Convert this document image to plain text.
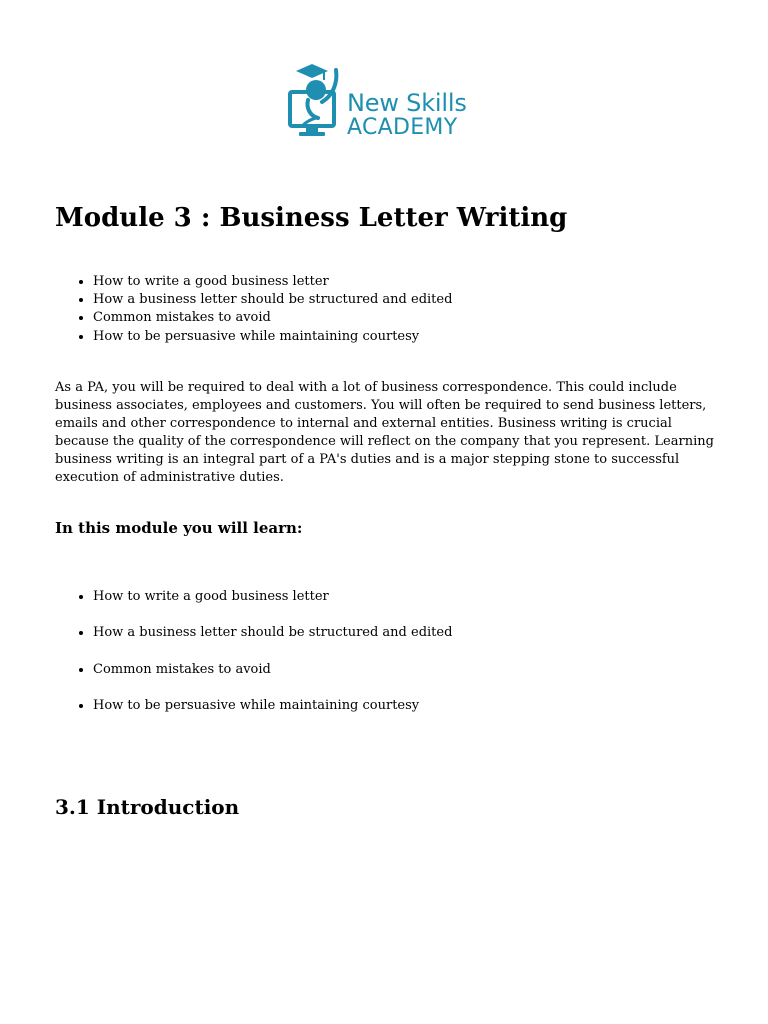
New Skills
ACADEMY
Module 3 : Business Letter Writing
• How to write a good business letter
• How a business letter should be structured and edited
• Common mistakes to avoid
• How to be persuasive while maintaining courtesy

As a PA, you will be required to deal with a lot of business correspondence. This could include business associates, employees and customers. You will often be required to send business letters, emails and other correspondence to internal and external entities. Business writing is crucial because the quality of the correspondence will reflect on the company that you represent. Learning business writing is an integral part of a PA's duties and is a major stepping stone to successful execution of administrative duties.

In this module you will learn:
• How to write a good business letter
• How a business letter should be structured and edited
• Common mistakes to avoid
• How to be persuasive while maintaining courtesy
3.1 Introduction
